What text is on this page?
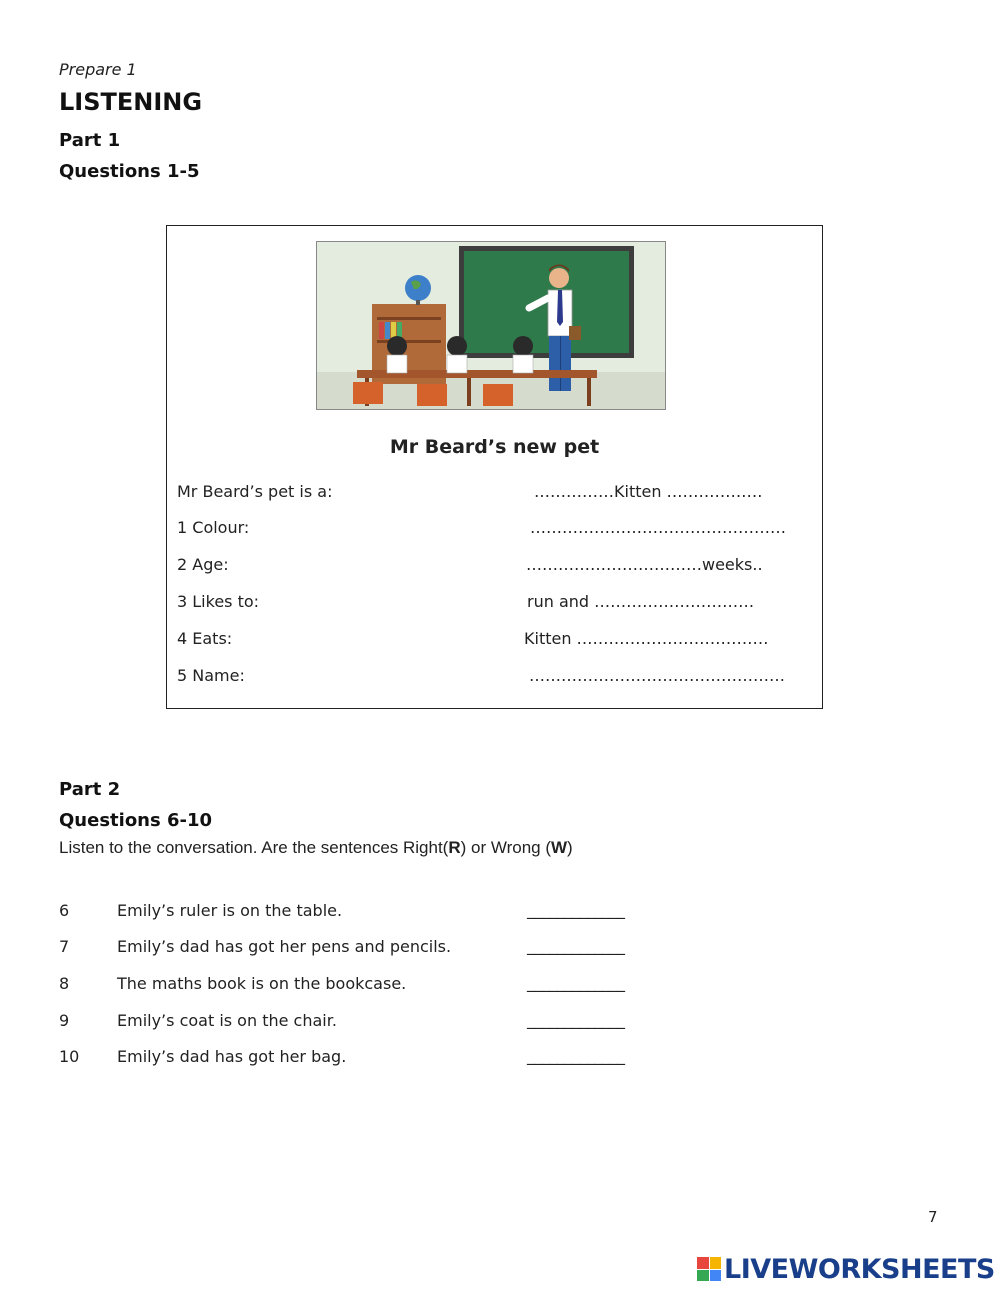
Prepare 1
LISTENING
Part 1
Questions 1-5
Mr Beard’s new pet
Mr Beard’s pet is a:	……………Kitten ………………
1 Colour:	…………………………………………
2 Age:	……………………………weeks..
3 Likes to:	run and …………………………
4 Eats:	Kitten ………………………………
5 Name:	…………………………………………
Part 2
Questions 6-10
Listen to the conversation. Are the sentences Right(R) or Wrong (W)
6	Emily’s ruler is on the table.	_____________
7	Emily’s dad has got her pens and pencils.	_____________
8	The maths book is on the bookcase.	_____________
9	Emily’s coat is on the chair.	_____________
10 Emily’s dad has got her bag.	_____________
7
LIVEWORKSHEETS
